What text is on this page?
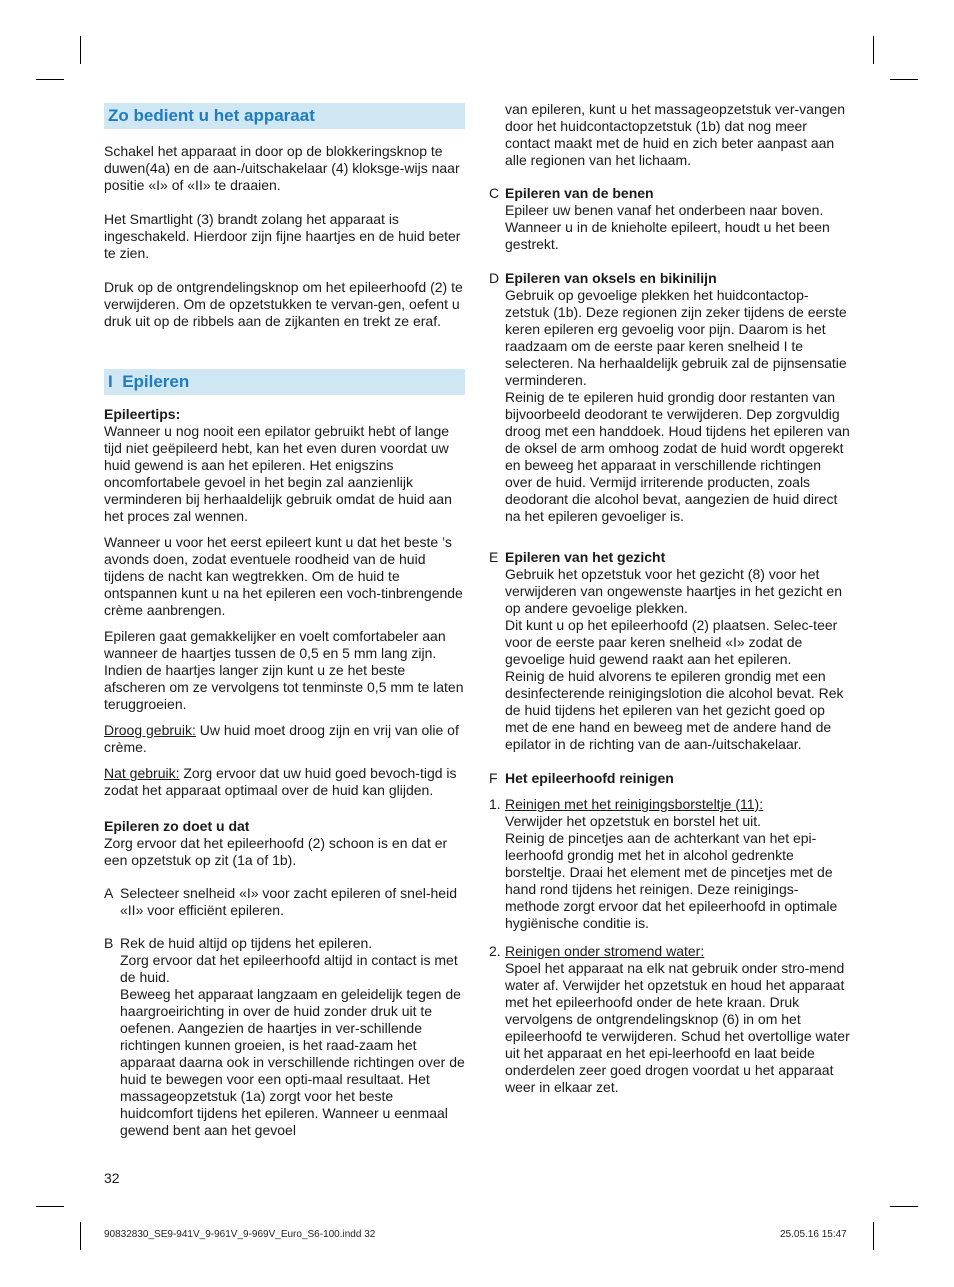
Zo bedient u het apparaat

Schakel het apparaat in door op de blokkeringsknop te duwen(4a) en de aan-/uitschakelaar (4) kloksge-wijs naar positie «I» of «II» te draaien.

Het Smartlight (3) brandt zolang het apparaat is ingeschakeld. Hierdoor zijn fijne haartjes en de huid beter te zien.

Druk op de ontgrendelingsknop om het epileerhoofd (2) te verwijderen. Om de opzetstukken te vervan-gen, oefent u druk uit op de ribbels aan de zijkanten en trekt ze eraf.

I Epileren

Epileertips:

Wanneer u nog nooit een epilator gebruikt hebt of lange tijd niet geëpileerd hebt, kan het even duren voordat uw huid gewend is aan het epileren. Het enigszins oncomfortabele gevoel in het begin zal aanzienlijk verminderen bij herhaaldelijk gebruik omdat de huid aan het proces zal wennen.

Wanneer u voor het eerst epileert kunt u dat het beste ’s avonds doen, zodat eventuele roodheid van de huid tijdens de nacht kan wegtrekken. Om de huid te ontspannen kunt u na het epileren een voch-tinbrengende crème aanbrengen.

Epileren gaat gemakkelijker en voelt comfortabeler aan wanneer de haartjes tussen de 0,5 en 5 mm lang zijn. Indien de haartjes langer zijn kunt u ze het beste afscheren om ze vervolgens tot tenminste 0,5 mm te laten teruggroeien.

Droog gebruik: Uw huid moet droog zijn en vrij van olie of crème.

Nat gebruik: Zorg ervoor dat uw huid goed bevoch-tigd is zodat het apparaat optimaal over de huid kan glijden.

Epileren zo doet u dat

Zorg ervoor dat het epileerhoofd (2) schoon is en dat er een opzetstuk op zit (1a of 1b).

A Selecteer snelheid «I» voor zacht epileren of snel-heid «II» voor efficiënt epileren.

B Rek de huid altijd op tijdens het epileren.

Zorg ervoor dat het epileerhoofd altijd in contact is met de huid.

Beweeg het apparaat langzaam en geleidelijk tegen de haargroeirichting in over de huid zonder druk uit te oefenen. Aangezien de haartjes in ver-schillende richtingen kunnen groeien, is het raad-zaam het apparaat daarna ook in verschillende richtingen over de huid te bewegen voor een opti-maal resultaat. Het massageopzetstuk (1a) zorgt voor het beste huidcomfort tijdens het epileren. Wanneer u eenmaal gewend bent aan het gevoel

van epileren, kunt u het massageopzetstuk ver-vangen door het huidcontactopzetstuk (1b) dat nog meer contact maakt met de huid en zich beter aanpast aan alle regionen van het lichaam.

C Epileren van de benen

Epileer uw benen vanaf het onderbeen naar boven. Wanneer u in de knieholte epileert, houdt u het been gestrekt.

D Epileren van oksels en bikinilijn

Gebruik op gevoelige plekken het huidcontactop-zetstuk (1b). Deze regionen zijn zeker tijdens de eerste keren epileren erg gevoelig voor pijn. Daarom is het raadzaam om de eerste paar keren snelheid I te selecteren. Na herhaaldelijk gebruik zal de pijnsensatie verminderen.

Reinig de te epileren huid grondig door restanten van bijvoorbeeld deodorant te verwijderen. Dep zorgvuldig droog met een handdoek. Houd tijdens het epileren van de oksel de arm omhoog zodat de huid wordt opgerekt en beweeg het apparaat in verschillende richtingen over de huid. Vermijd irriterende producten, zoals deodorant die alcohol bevat, aangezien de huid direct na het epileren gevoeliger is.

E Epileren van het gezicht

Gebruik het opzetstuk voor het gezicht (8) voor het verwijderen van ongewenste haartjes in het gezicht en op andere gevoelige plekken.

Dit kunt u op het epileerhoofd (2) plaatsen. Selec-teer voor de eerste paar keren snelheid «I» zodat de gevoelige huid gewend raakt aan het epileren.

Reinig de huid alvorens te epileren grondig met een desinfecterende reinigingslotion die alcohol bevat. Rek de huid tijdens het epileren van het gezicht goed op met de ene hand en beweeg met de andere hand de epilator in de richting van de aan-/uitschakelaar.

F Het epileerhoofd reinigen

1. Reinigen met het reinigingsborsteltje (11):

Verwijder het opzetstuk en borstel het uit.

Reinig de pincetjes aan de achterkant van het epi-leerhoofd grondig met het in alcohol gedrenkte borsteltje. Draai het element met de pincetjes met de hand rond tijdens het reinigen. Deze reinigings-methode zorgt ervoor dat het epileerhoofd in optimale hygiënische conditie is.

2. Reinigen onder stromend water:

Spoel het apparaat na elk nat gebruik onder stro-mend water af. Verwijder het opzetstuk en houd het apparaat met het epileerhoofd onder de hete kraan. Druk vervolgens de ontgrendelingsknop (6) in om het epileerhoofd te verwijderen. Schud het overtollige water uit het apparaat en het epi-leerhoofd en laat beide onderdelen zeer goed drogen voordat u het apparaat weer in elkaar zet.

32
90832830_SE9-941V_9-961V_9-969V_Euro_S6-100.indd 32	25.05.16 15:47
